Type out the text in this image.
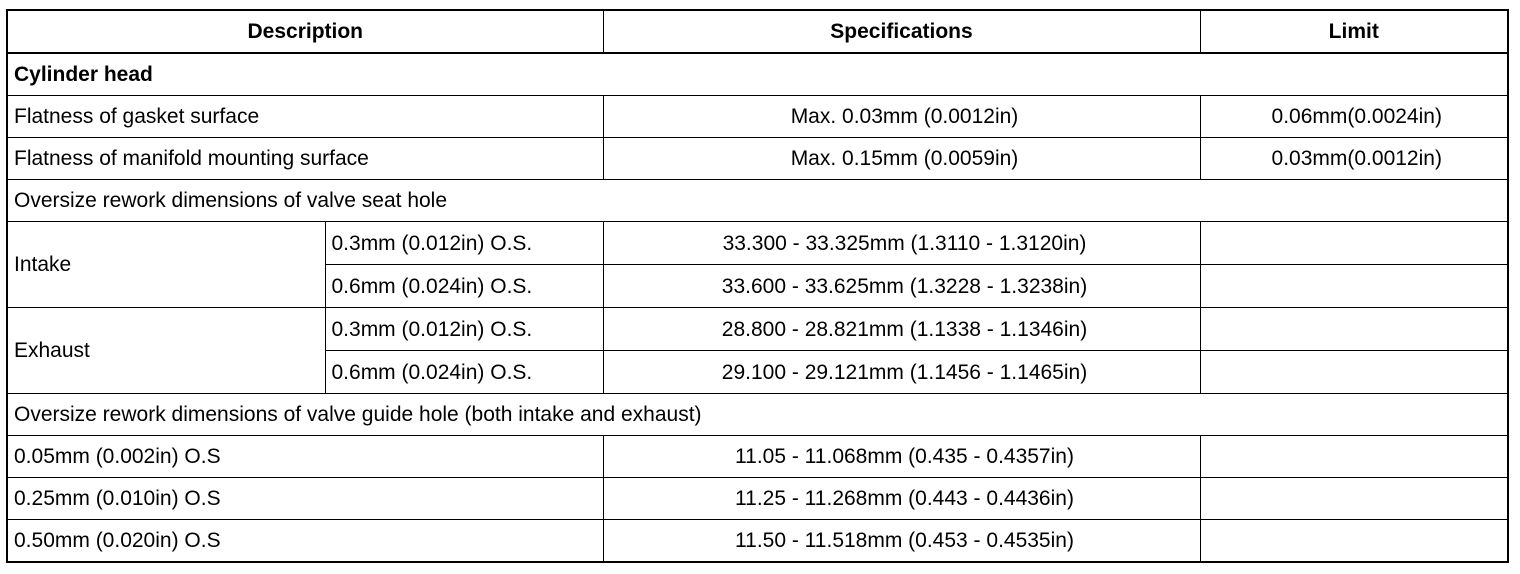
Description		Specifications	Limit
Cylinder head			
Flatness of gasket surface		Max. 0.03mm (0.0012in)	0.06mm(0.0024in)
Flatness of manifold mounting surface		Max. 0.15mm (0.0059in)	0.03mm(0.0012in)
Oversize rework dimensions of valve seat hole			
Intake	0.3mm (0.012in) O.S.	33.300 - 33.325mm (1.3110 - 1.3120in)	
	0.6mm (0.024in) O.S.	33.600 - 33.625mm (1.3228 - 1.3238in)	
Exhaust	0.3mm (0.012in) O.S.	28.800 - 28.821mm (1.1338 - 1.1346in)	
	0.6mm (0.024in) O.S.	29.100 - 29.121mm (1.1456 - 1.1465in)	
Oversize rework dimensions of valve guide hole (both intake and exhaust)			
0.05mm (0.002in) O.S		11.05 - 11.068mm (0.435 - 0.4357in)	
0.25mm (0.010in) O.S		11.25 - 11.268mm (0.443 - 0.4436in)	
0.50mm (0.020in) O.S		11.50 - 11.518mm (0.453 - 0.4535in)	
